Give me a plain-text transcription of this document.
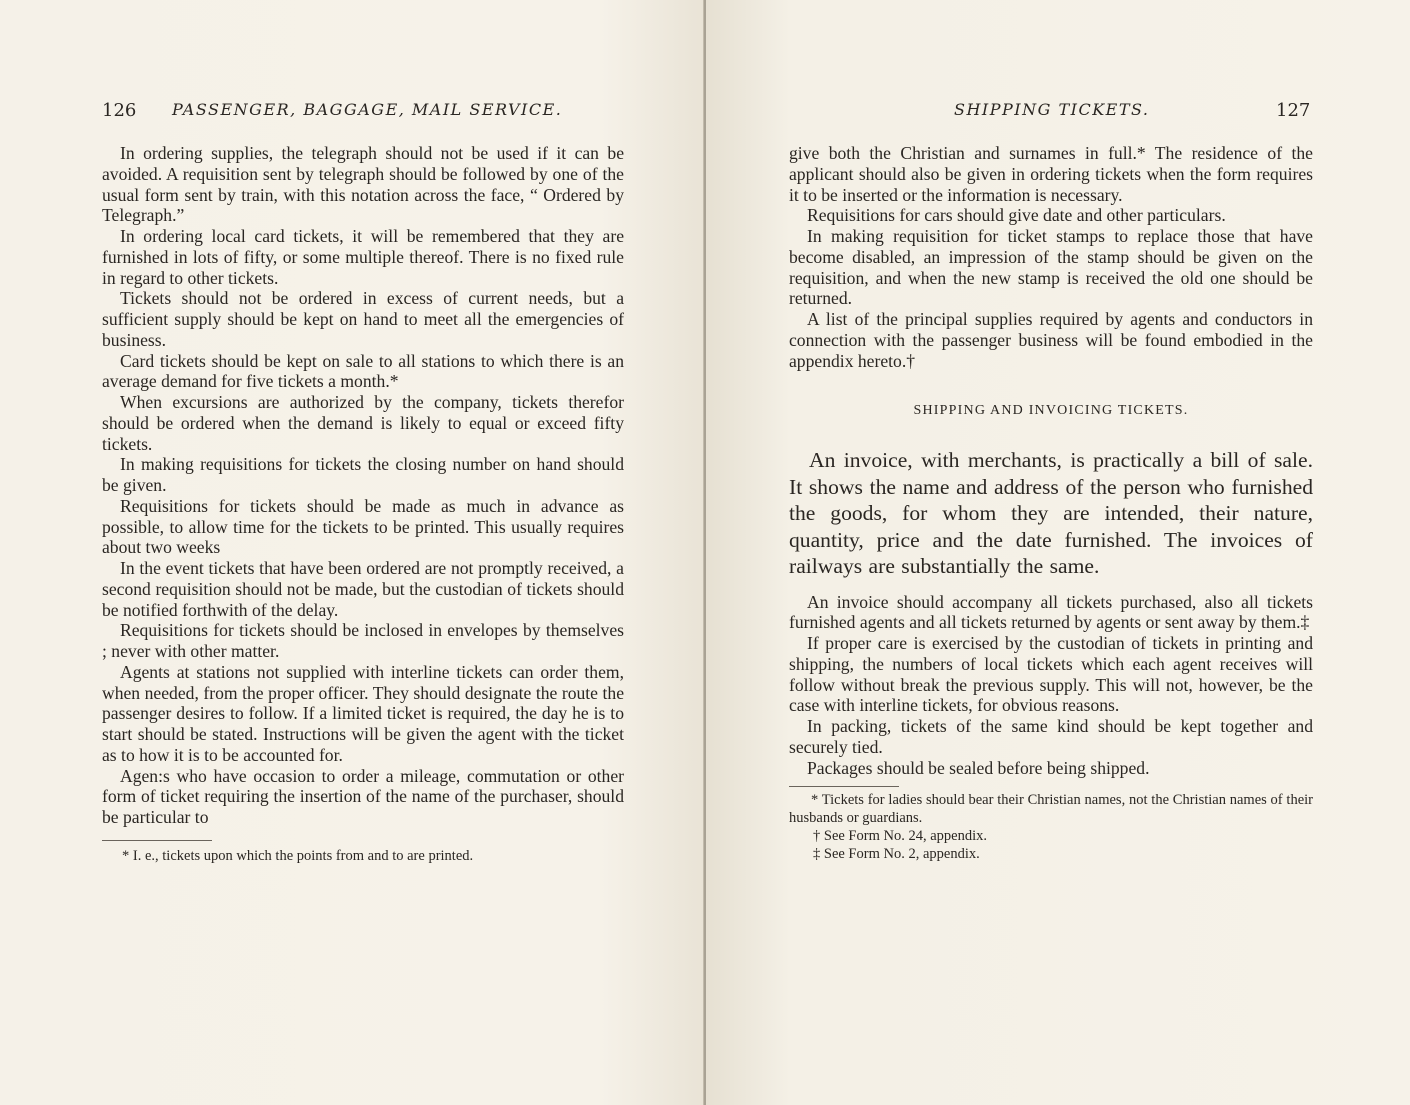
126 PASSENGER, BAGGAGE, MAIL SERVICE.

In ordering supplies, the telegraph should not be used if it can be avoided. A requisition sent by telegraph should be followed by one of the usual form sent by train, with this notation across the face, “ Ordered by Telegraph.”

In ordering local card tickets, it will be remembered that they are furnished in lots of fifty, or some multiple thereof. There is no fixed rule in regard to other tickets.

Tickets should not be ordered in excess of current needs, but a sufficient supply should be kept on hand to meet all the emergencies of business.

Card tickets should be kept on sale to all stations to which there is an average demand for five tickets a month.*

When excursions are authorized by the company, tickets therefor should be ordered when the demand is likely to equal or exceed fifty tickets.

In making requisitions for tickets the closing number on hand should be given.

Requisitions for tickets should be made as much in advance as possible, to allow time for the tickets to be printed. This usually requires about two weeks

In the event tickets that have been ordered are not promptly received, a second requisition should not be made, but the custodian of tickets should be notified forthwith of the delay.

Requisitions for tickets should be inclosed in envelopes by themselves ; never with other matter.

Agents at stations not supplied with interline tickets can order them, when needed, from the proper officer. They should designate the route the passenger desires to follow. If a limited ticket is required, the day he is to start should be stated. Instructions will be given the agent with the ticket as to how it is to be accounted for.

Agen:s who have occasion to order a mileage, commutation or other form of ticket requiring the insertion of the name of the purchaser, should be particular to

* I. e., tickets upon which the points from and to are printed.

SHIPPING TICKETS.	127

give both the Christian and surnames in full.* The residence of the applicant should also be given in ordering tickets when the form requires it to be inserted or the information is necessary.

Requisitions for cars should give date and other particulars.

In making requisition for ticket stamps to replace those that have become disabled, an impression of the stamp should be given on the requisition, and when the new stamp is received the old one should be returned.

A list of the principal supplies required by agents and conductors in connection with the passenger business will be found embodied in the appendix hereto.†

SHIPPING AND INVOICING TICKETS.

An invoice, with merchants, is practically a bill of sale. It shows the name and address of the person who furnished the goods, for whom they are intended, their nature, quantity, price and the date furnished. The invoices of railways are substantially the same.

An invoice should accompany all tickets purchased, also all tickets furnished agents and all tickets returned by agents or sent away by them.‡

If proper care is exercised by the custodian of tickets in printing and shipping, the numbers of local tickets which each agent receives will follow without break the previous supply. This will not, however, be the case with interline tickets, for obvious reasons.

In packing, tickets of the same kind should be kept together and securely tied.

Packages should be sealed before being shipped.

* Tickets for ladies should bear their Christian names, not the Christian names of their husbands or guardians.

† See Form No. 24, appendix.

‡ See Form No. 2, appendix.
